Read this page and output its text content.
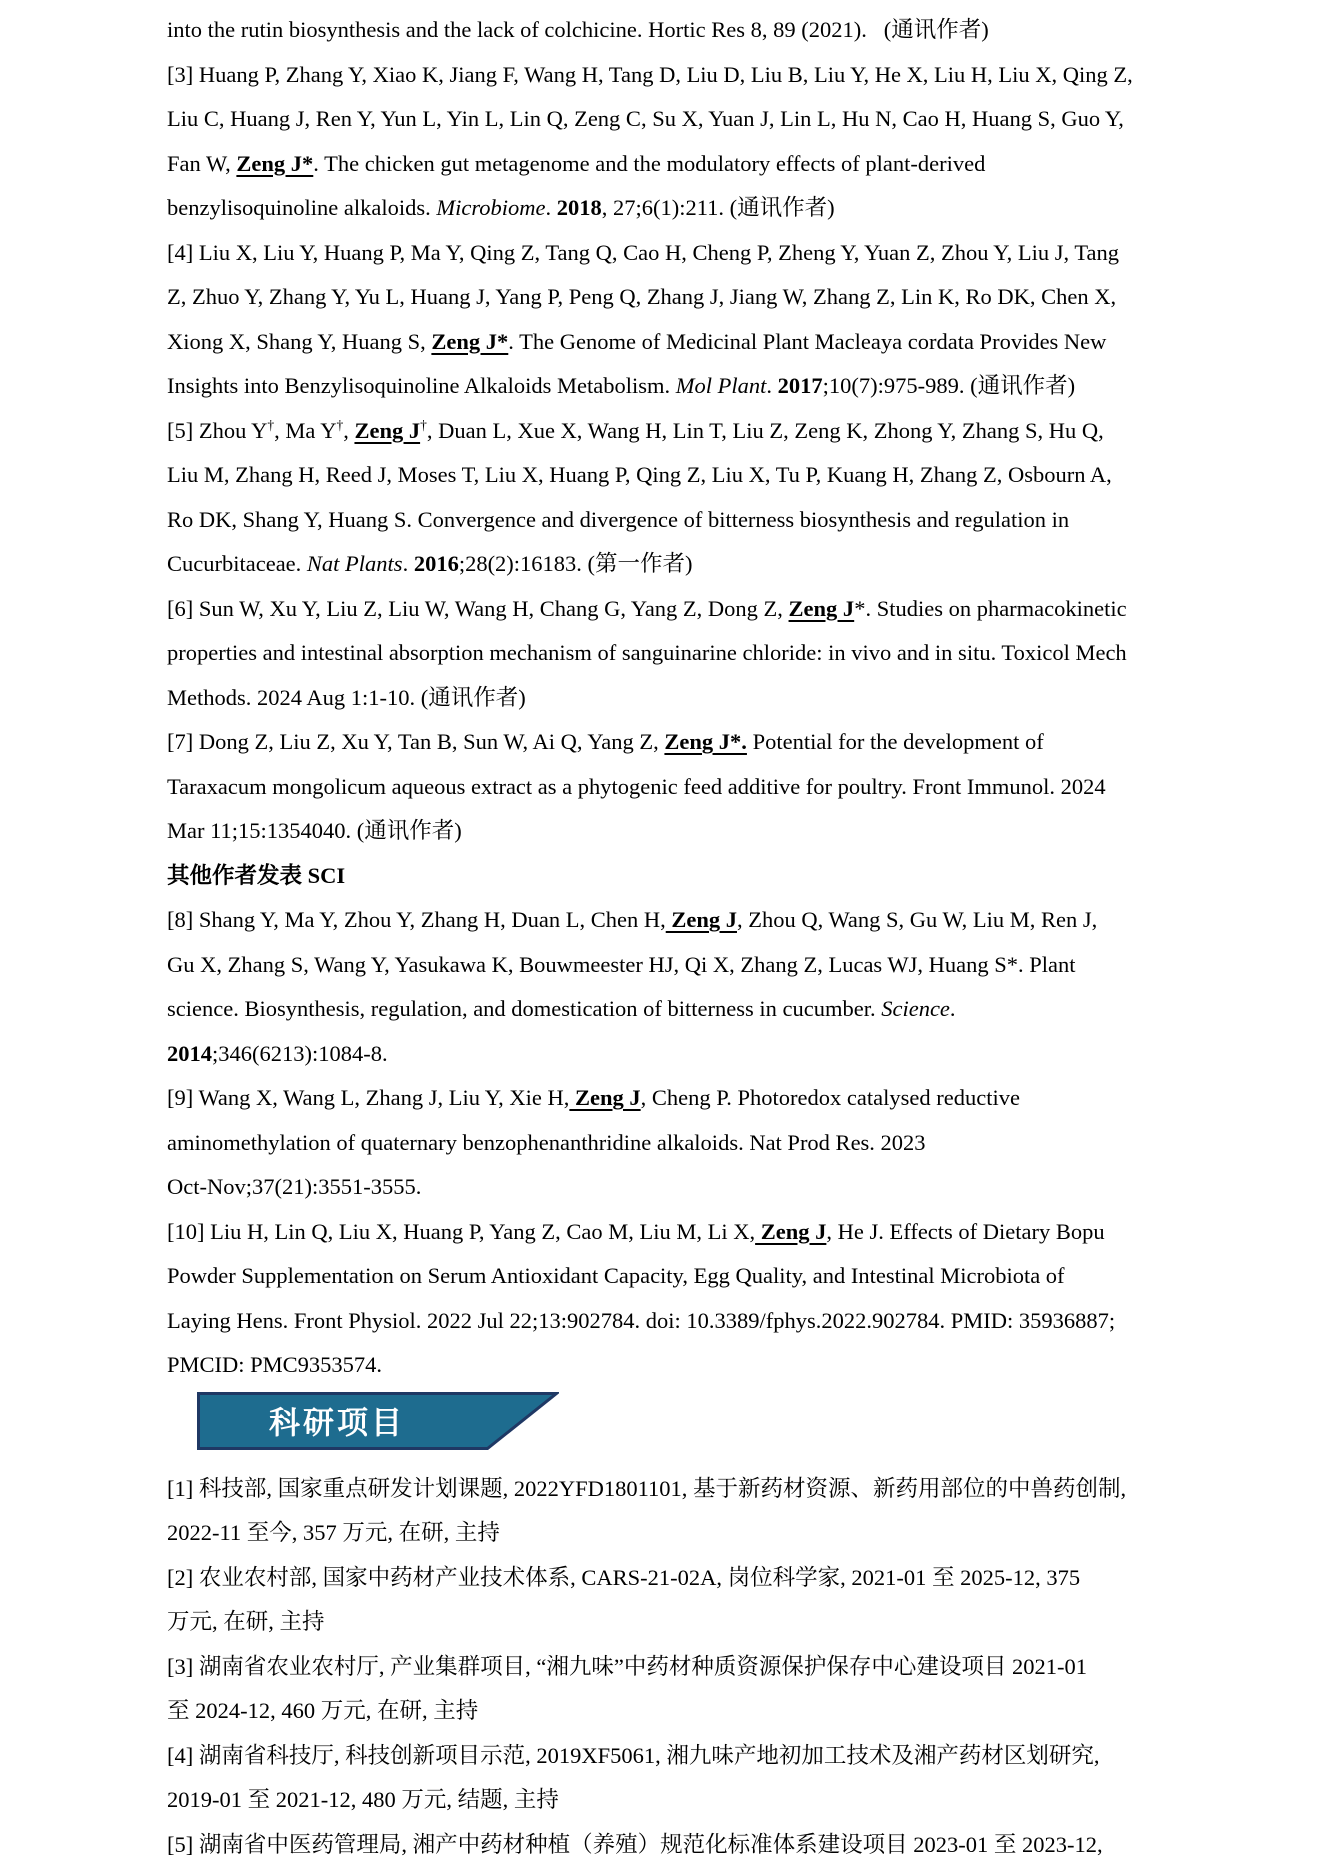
into the rutin biosynthesis and the lack of colchicine. Hortic Res 8, 89 (2021).   (通讯作者)
[3] Huang P, Zhang Y, Xiao K, Jiang F, Wang H, Tang D, Liu D, Liu B, Liu Y, He X, Liu H, Liu X, Qing Z,
Liu C, Huang J, Ren Y, Yun L, Yin L, Lin Q, Zeng C, Su X, Yuan J, Lin L, Hu N, Cao H, Huang S, Guo Y,
Fan W, Zeng J*. The chicken gut metagenome and the modulatory effects of plant-derived
benzylisoquinoline alkaloids. Microbiome. 2018, 27;6(1):211. (通讯作者)
[4] Liu X, Liu Y, Huang P, Ma Y, Qing Z, Tang Q, Cao H, Cheng P, Zheng Y, Yuan Z, Zhou Y, Liu J, Tang
Z, Zhuo Y, Zhang Y, Yu L, Huang J, Yang P, Peng Q, Zhang J, Jiang W, Zhang Z, Lin K, Ro DK, Chen X,
Xiong X, Shang Y, Huang S, Zeng J*. The Genome of Medicinal Plant Macleaya cordata Provides New
Insights into Benzylisoquinoline Alkaloids Metabolism. Mol Plant. 2017;10(7):975-989. (通讯作者)
[5] Zhou Y†, Ma Y†, Zeng J†, Duan L, Xue X, Wang H, Lin T, Liu Z, Zeng K, Zhong Y, Zhang S, Hu Q,
Liu M, Zhang H, Reed J, Moses T, Liu X, Huang P, Qing Z, Liu X, Tu P, Kuang H, Zhang Z, Osbourn A,
Ro DK, Shang Y, Huang S. Convergence and divergence of bitterness biosynthesis and regulation in
Cucurbitaceae. Nat Plants. 2016;28(2):16183. (第一作者)
[6] Sun W, Xu Y, Liu Z, Liu W, Wang H, Chang G, Yang Z, Dong Z, Zeng J*. Studies on pharmacokinetic
properties and intestinal absorption mechanism of sanguinarine chloride: in vivo and in situ. Toxicol Mech
Methods. 2024 Aug 1:1-10. (通讯作者)
[7] Dong Z, Liu Z, Xu Y, Tan B, Sun W, Ai Q, Yang Z, Zeng J*. Potential for the development of
Taraxacum mongolicum aqueous extract as a phytogenic feed additive for poultry. Front Immunol. 2024
Mar 11;15:1354040. (通讯作者)
其他作者发表 SCI
[8] Shang Y, Ma Y, Zhou Y, Zhang H, Duan L, Chen H, Zeng J, Zhou Q, Wang S, Gu W, Liu M, Ren J,
Gu X, Zhang S, Wang Y, Yasukawa K, Bouwmeester HJ, Qi X, Zhang Z, Lucas WJ, Huang S*. Plant
science. Biosynthesis, regulation, and domestication of bitterness in cucumber. Science.
2014;346(6213):1084-8.
[9] Wang X, Wang L, Zhang J, Liu Y, Xie H, Zeng J, Cheng P. Photoredox catalysed reductive
aminomethylation of quaternary benzophenanthridine alkaloids. Nat Prod Res. 2023
Oct-Nov;37(21):3551-3555.
[10] Liu H, Lin Q, Liu X, Huang P, Yang Z, Cao M, Liu M, Li X, Zeng J, He J. Effects of Dietary Bopu
Powder Supplementation on Serum Antioxidant Capacity, Egg Quality, and Intestinal Microbiota of
Laying Hens. Front Physiol. 2022 Jul 22;13:902784. doi: 10.3389/fphys.2022.902784. PMID: 35936887;
PMCID: PMC9353574.
科研项目
[1] 科技部, 国家重点研发计划课题, 2022YFD1801101, 基于新药材资源、新药用部位的中兽药创制,
2022-11 至今, 357 万元, 在研, 主持
[2] 农业农村部, 国家中药材产业技术体系, CARS-21-02A, 岗位科学家, 2021-01 至 2025-12, 375
万元, 在研, 主持
[3] 湖南省农业农村厅, 产业集群项目, “湘九味”中药材种质资源保护保存中心建设项目 2021-01
至 2024-12, 460 万元, 在研, 主持
[4] 湖南省科技厅, 科技创新项目示范, 2019XF5061, 湘九味产地初加工技术及湘产药材区划研究,
2019-01 至 2021-12, 480 万元, 结题, 主持
[5] 湖南省中医药管理局, 湘产中药材种植（养殖）规范化标准体系建设项目 2023-01 至 2023-12,
